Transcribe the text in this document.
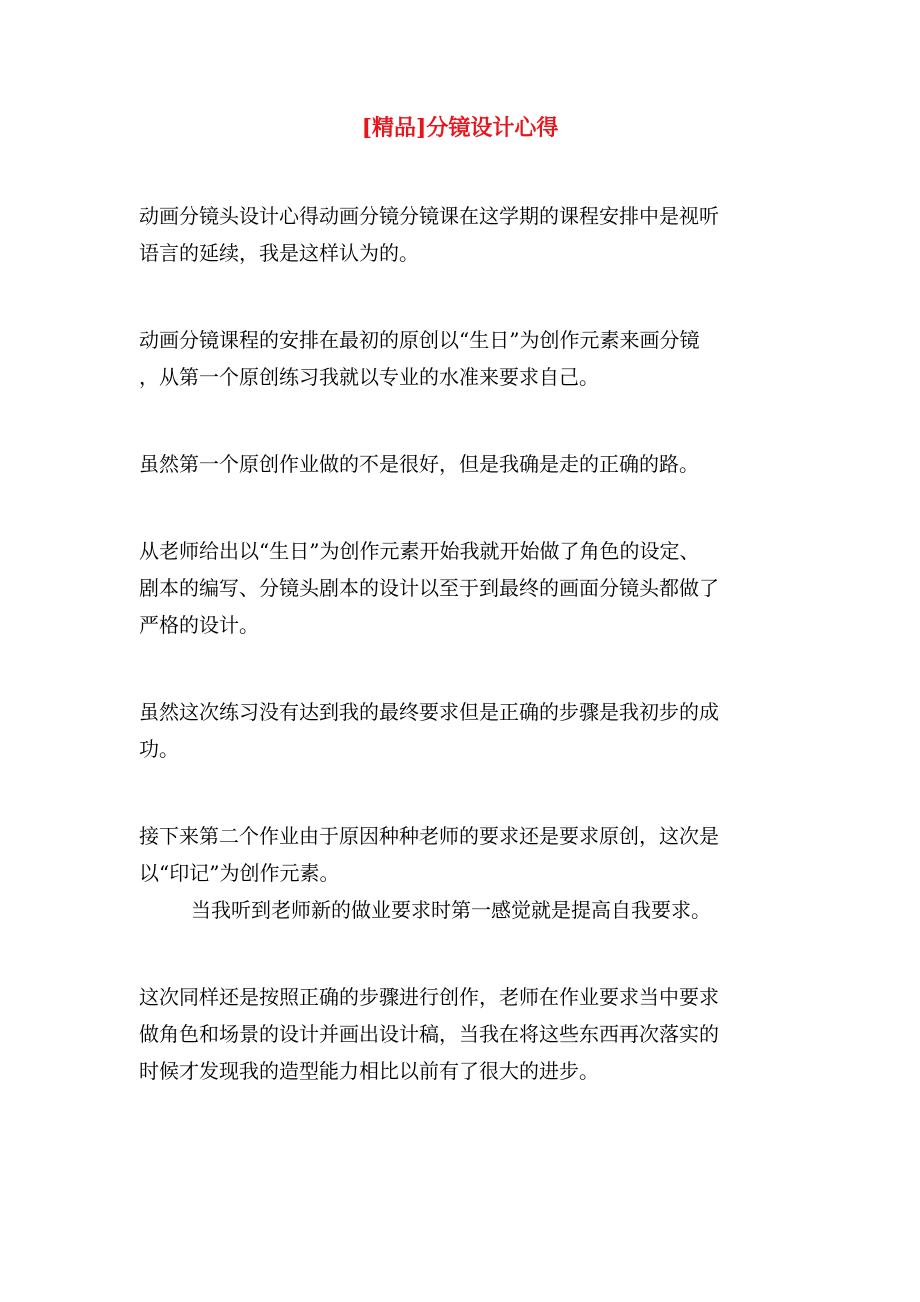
[精品]分镜设计心得

动画分镜头设计心得动画分镜分镜课在这学期的课程安排中是视听
语言的延续，我是这样认为的。

动画分镜课程的安排在最初的原创以“生日”为创作元素来画分镜
，从第一个原创练习我就以专业的水准来要求自己。

虽然第一个原创作业做的不是很好，但是我确是走的正确的路。

从老师给出以“生日”为创作元素开始我就开始做了角色的设定、
剧本的编写、分镜头剧本的设计以至于到最终的画面分镜头都做了
严格的设计。

虽然这次练习没有达到我的最终要求但是正确的步骤是我初步的成
功。

接下来第二个作业由于原因种种老师的要求还是要求原创，这次是
以“印记”为创作元素。

当我听到老师新的做业要求时第一感觉就是提高自我要求。

这次同样还是按照正确的步骤进行创作，老师在作业要求当中要求
做角色和场景的设计并画出设计稿，当我在将这些东西再次落实的
时候才发现我的造型能力相比以前有了很大的进步。
